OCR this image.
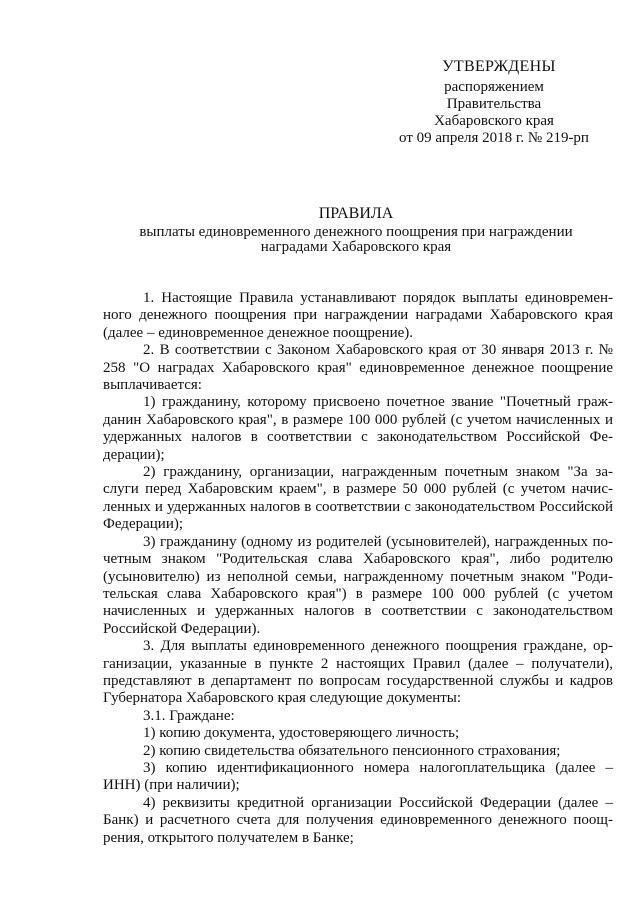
УТВЕРЖДЕНЫ
распоряжением
Правительства
Хабаровского края
от 09 апреля 2018 г. № 219-рп
ПРАВИЛА
выплаты единовременного денежного поощрения при награждении
наградами Хабаровского края

1. Настоящие Правила устанавливают порядок выплаты единовременного денежного поощрения при награждении наградами Хабаровского края (далее – единовременное денежное поощрение).

2. В соответствии с Законом Хабаровского края от 30 января 2013 г. № 258 "О наградах Хабаровского края" единовременное денежное поощрение выплачивается:

1) гражданину, которому присвоено почетное звание "Почетный гражданин Хабаровского края", в размере 100 000 рублей (с учетом начисленных и удержанных налогов в соответствии с законодательством Российской Федерации);

2) гражданину, организации, награжденным почетным знаком "За заслуги перед Хабаровским краем", в размере 50 000 рублей (с учетом начисленных и удержанных налогов в соответствии с законодательством Российской Федерации);

3) гражданину (одному из родителей (усыновителей), награжденных почетным знаком "Родительская слава Хабаровского края", либо родителю (усыновителю) из неполной семьи, награжденному почетным знаком "Родительская слава Хабаровского края") в размере 100 000 рублей (с учетом начисленных и удержанных налогов в соответствии с законодательством Российской Федерации).

3. Для выплаты единовременного денежного поощрения граждане, организации, указанные в пункте 2 настоящих Правил (далее – получатели), представляют в департамент по вопросам государственной службы и кадров Губернатора Хабаровского края следующие документы:

3.1. Граждане:

1) копию документа, удостоверяющего личность;

2) копию свидетельства обязательного пенсионного страхования;

3) копию идентификационного номера налогоплательщика (далее – ИНН) (при наличии);

4) реквизиты кредитной организации Российской Федерации (далее – Банк) и расчетного счета для получения единовременного денежного поощрения, открытого получателем в Банке;
